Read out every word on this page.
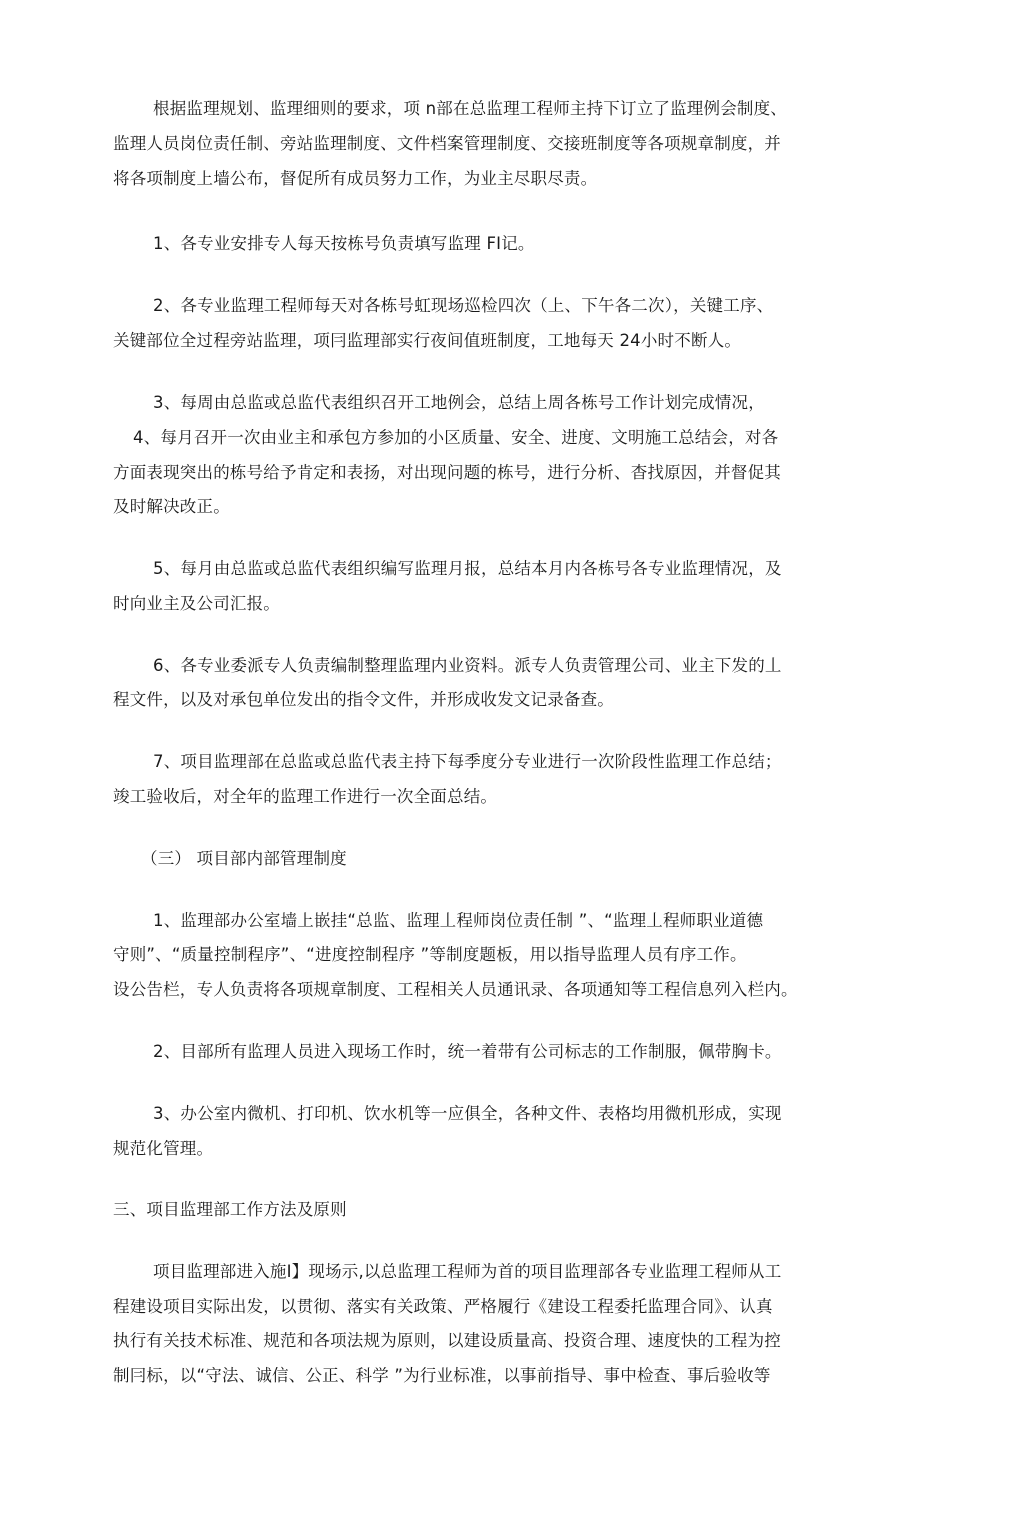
根据监理规划、监理细则的要求，项 n部在总监理工程师主持下订立了监理例会制度、
监理人员岗位责任制、旁站监理制度、文件档案管理制度、交接班制度等各项规章制度，并
将各项制度上墙公布，督促所有成员努力工作，为业主尽职尽责。
1、各专业安排专人每天按栋号负责填写监理 FI记。
2、各专业监理工程师每天对各栋号虹现场巡检四次（上、下午各二次），关键工序、
关键部位全过程旁站监理，项冃监理部实行夜间值班制度，工地每天 24小时不断人。
3、每周由总监或总监代表组织召开工地例会，总结上周各栋号工作计划完成情况，
4、每月召开一次由业主和承包方参加的小区质量、安全、进度、文明施工总结会，对各
方面表现突出的栋号给予肯定和表扬，对出现问题的栋号，进行分析、杳找原因，并督促其
及时解决改正。
5、每月由总监或总监代表组织编写监理月报，总结本月内各栋号各专业监理情况，及
时向业主及公司汇报。
6、各专业委派专人负责编制整理监理内业资料。派专人负责管理公司、业主下发的丄
程文件，以及对承包单位发出的指令文件，并形成收发文记录备查。
7、项目监理部在总监或总监代表主持下每季度分专业进行一次阶段性监理工作总结；
竣工验收后，对全年的监理工作进行一次全面总结。
（三） 项目部内部管理制度
1、监理部办公室墙上嵌挂“总监、监理丄程师岗位责任制 ”、“监理丄程师职业道德
守则”、“质量控制程序”、“进度控制程序 ”等制度题板，用以指导监理人员有序工作。
设公告栏，专人负责将各项规章制度、工程相关人员通讯录、各项通知等工程信息列入栏内。
2、目部所有监理人员进入现场工作时，统一着带有公司标志的工作制服，佩带胸卡。
3、办公室内微机、打印机、饮水机等一应俱全，各种文件、表格均用微机形成，实现
规范化管理。
三、项目监理部工作方法及原则
项目监理部进入施I】现场示,以总监理工程师为首的项目监理部各专业监理工程师从工
程建设项目实际出发，以贯彻、落实有关政策、严格履行《建设工程委托监理合同》、认真
执行有关技术标准、规范和各项法规为原则，以建设质量高、投资合理、速度快的工程为控
制冃标，以“守法、诚信、公正、科学 ”为行业标准，以事前指导、事中检查、事后验收等
